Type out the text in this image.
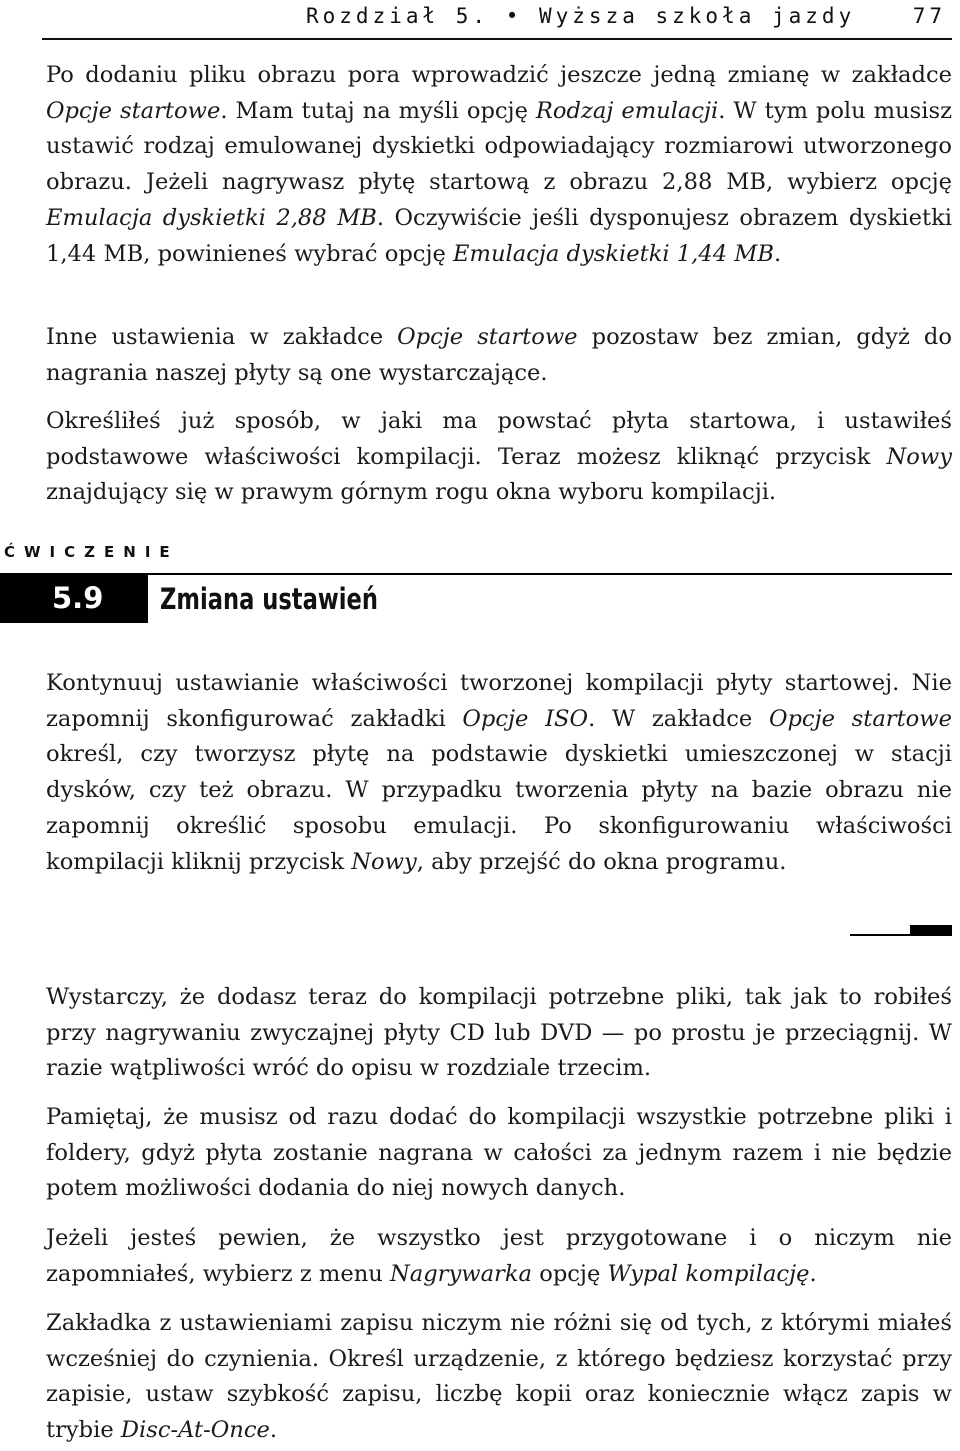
Rozdział 5. • Wyższa szkoła jazdy	77

Po dodaniu pliku obrazu pora wprowadzić jeszcze jedną zmianę w zakładce Opcje startowe. Mam tutaj na myśli opcję Rodzaj emulacji. W tym polu musisz ustawić rodzaj emulowanej dyskietki odpowiadający rozmiarowi utworzonego obrazu. Jeżeli nagrywasz płytę startową z obrazu 2,88 MB, wybierz opcję Emulacja dyskietki 2,88 MB. Oczywiście jeśli dysponujesz obrazem dyskietki 1,44 MB, powinieneś wybrać opcję Emulacja dyskietki 1,44 MB.

Inne ustawienia w zakładce Opcje startowe pozostaw bez zmian, gdyż do nagrania naszej płyty są one wystarczające.

Określiłeś już sposób, w jaki ma powstać płyta startowa, i ustawiłeś podstawowe właściwości kompilacji. Teraz możesz kliknąć przycisk Nowy znajdujący się w prawym górnym rogu okna wyboru kompilacji.

ĆWICZENIE
5.9	Zmiana ustawień

Kontynuuj ustawianie właściwości tworzonej kompilacji płyty startowej. Nie zapomnij skonfigurować zakładki Opcje ISO. W zakładce Opcje startowe określ, czy tworzysz płytę na podstawie dyskietki umieszczonej w stacji dysków, czy też obrazu. W przypadku tworzenia płyty na bazie obrazu nie zapomnij określić sposobu emulacji. Po skonfigurowaniu właściwości kompilacji kliknij przycisk Nowy, aby przejść do okna programu.

Wystarczy, że dodasz teraz do kompilacji potrzebne pliki, tak jak to robiłeś przy nagrywaniu zwyczajnej płyty CD lub DVD — po prostu je przeciągnij. W razie wątpliwości wróć do opisu w rozdziale trzecim.

Pamiętaj, że musisz od razu dodać do kompilacji wszystkie potrzebne pliki i foldery, gdyż płyta zostanie nagrana w całości za jednym razem i nie będzie potem możliwości dodania do niej nowych danych.

Jeżeli jesteś pewien, że wszystko jest przygotowane i o niczym nie zapomniałeś, wybierz z menu Nagrywarka opcję Wypal kompilację.

Zakładka z ustawieniami zapisu niczym nie różni się od tych, z którymi miałeś wcześniej do czynienia. Określ urządzenie, z którego będziesz korzystać przy zapisie, ustaw szybkość zapisu, liczbę kopii oraz koniecznie włącz zapis w trybie Disc-At-Once.
